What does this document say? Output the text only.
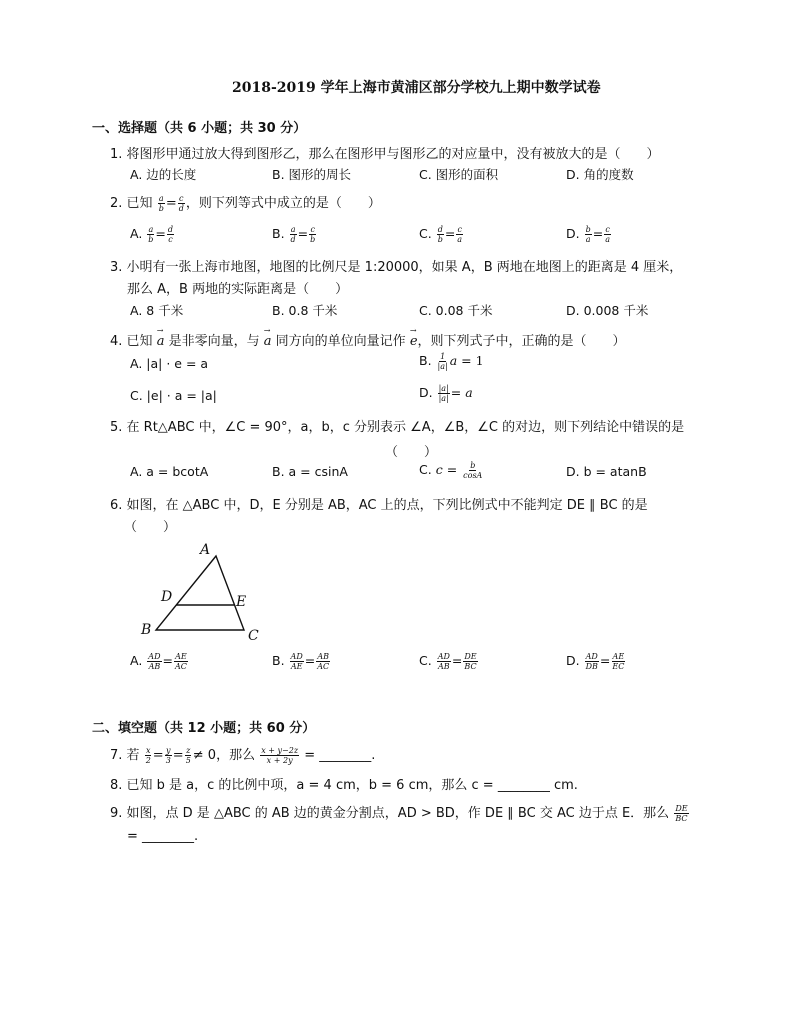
2018-2019 学年上海市黄浦区部分学校九上期中数学试卷
一、选择题（共 6 小题；共 30 分）
1. 将图形甲通过放大得到图形乙，那么在图形甲与图形乙的对应量中，没有被放大的是（　　）
A. 边的长度	B. 图形的周长	C. 图形的面积	D. 角的度数
2. 已知 $\frac{a}{b} = \frac{c}{d}$ ，则下列等式中成立的是（　　）
A. $\frac{a}{b} = \frac{d}{c}$	B. $\frac{a}{d} = \frac{c}{b}$	C. $\frac{d}{b} = \frac{c}{a}$	D. $\frac{b}{a} = \frac{c}{a}$
3. 小明有一张上海市地图，地图的比例尺是 1:20000，如果 A，B 两地在地图上的距离是 4 厘米，
那么 A，B 两地的实际距离是（　　）
A. 8 千米	B. 0.8 千米	C. 0.08 千米	D. 0.008 千米
4. 已知 → a 是非零向量，与 → a 同方向的单位向量记作 → e，则下列式子中，正确的是（　　）
A. |a| · e = a	B. $\frac{1}{|a|}$ a = 1
C. |e| · a = |a|	D. $\frac{|a|}{|a|} = a$
5. 在 Rt△ABC 中，∠C = 90°，a，b，c 分别表示 ∠A，∠B，∠C 的对边，则下列结论中错误的是
（　　）
A. a = bcotA	B. a = csinA	C. $c = \frac{b}{\cos A}$	D. b = atanB
6. 如图，在 △ABC 中，D，E 分别是 AB，AC 上的点，下列比例式中不能判定 DE ∥ BC 的是
（　　）
A
B	C
D	E
A. $\frac{AD}{AB} = \frac{AE}{AC}$	B. $\frac{AD}{AE} = \frac{AB}{AC}$	C. $\frac{AD}{AB} = \frac{DE}{BC}$	D. $\frac{AD}{DB} = \frac{AE}{EC}$
二、填空题（共 12 小题；共 60 分）
7. 若 $\frac{x}{2} = \frac{y}{3} = \frac{z}{5} \ne 0$，那么 $\frac{x + y-2z}{x + 2y}$ = ________.
8. 已知 b 是 a，c 的比例中项，a = 4 cm，b = 6 cm，那么 c = ________ cm.
9. 如图，点 D 是 △ABC 的 AB 边的黄金分割点，AD > BD，作 DE ∥ BC 交 AC 边于点 E．那么 $\frac{DE}{BC}$
= ________.
